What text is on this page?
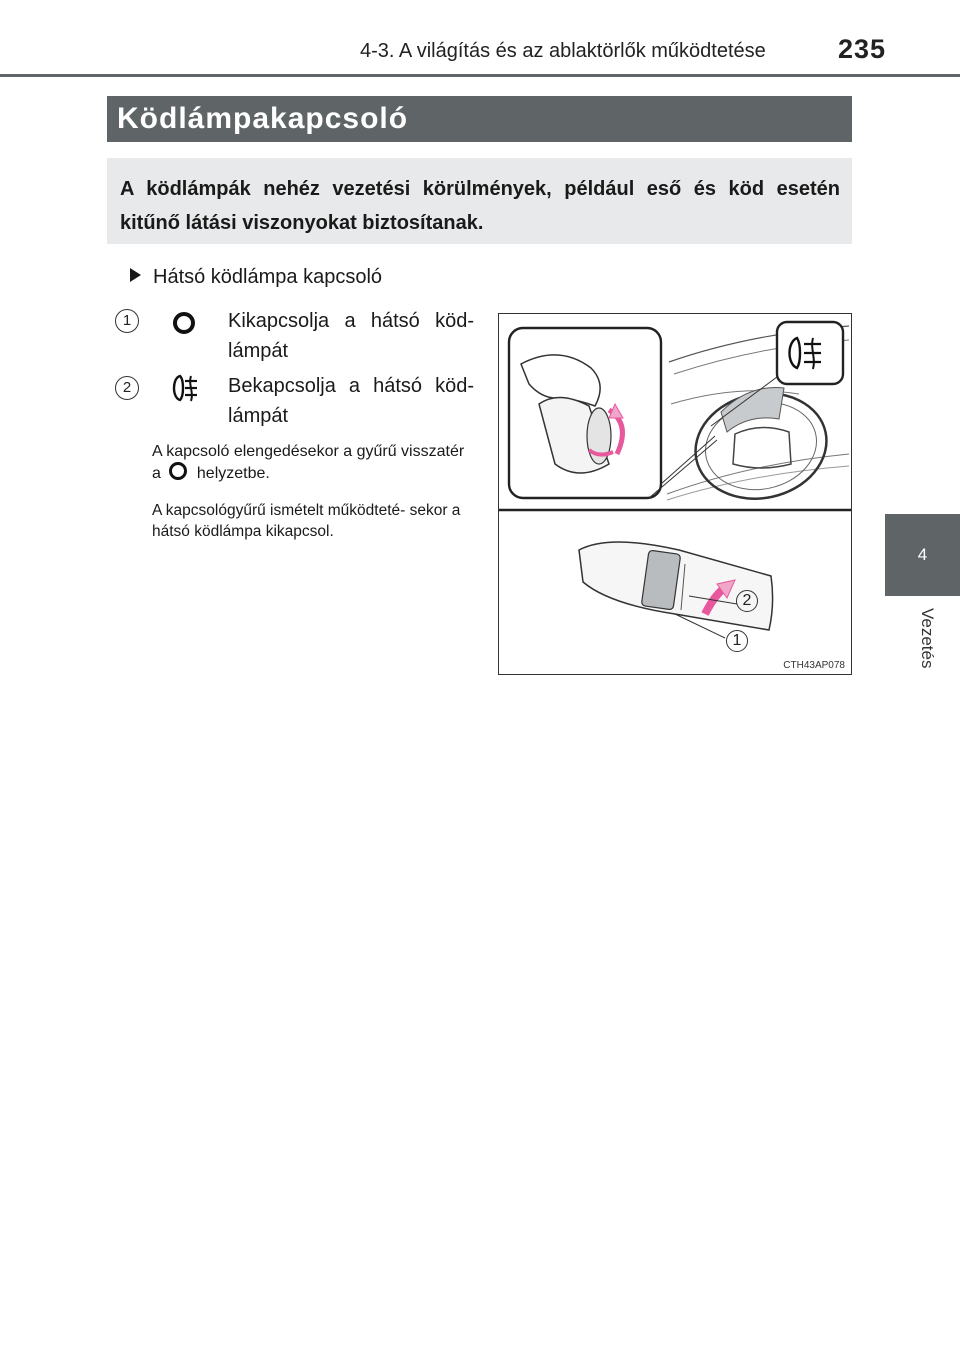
4-3. A világítás és az ablaktörlők működtetése	235
4
Vezetés
Ködlámpakapcsoló

A ködlámpák nehéz vezetési körülmények, például eső és köd esetén kitűnő látási viszonyokat biztosítanak.

Hátsó ködlámpa kapcsoló
1	Kikapcsolja a hátsó köd- lámpát
2	Bekapcsolja a hátsó köd- lámpát
A kapcsoló elengedésekor a gyűrű visszatér a helyzetbe.
A kapcsológyűrű ismételt működteté- sekor a hátsó ködlámpa kikapcsol.
2
1
CTH43AP078
